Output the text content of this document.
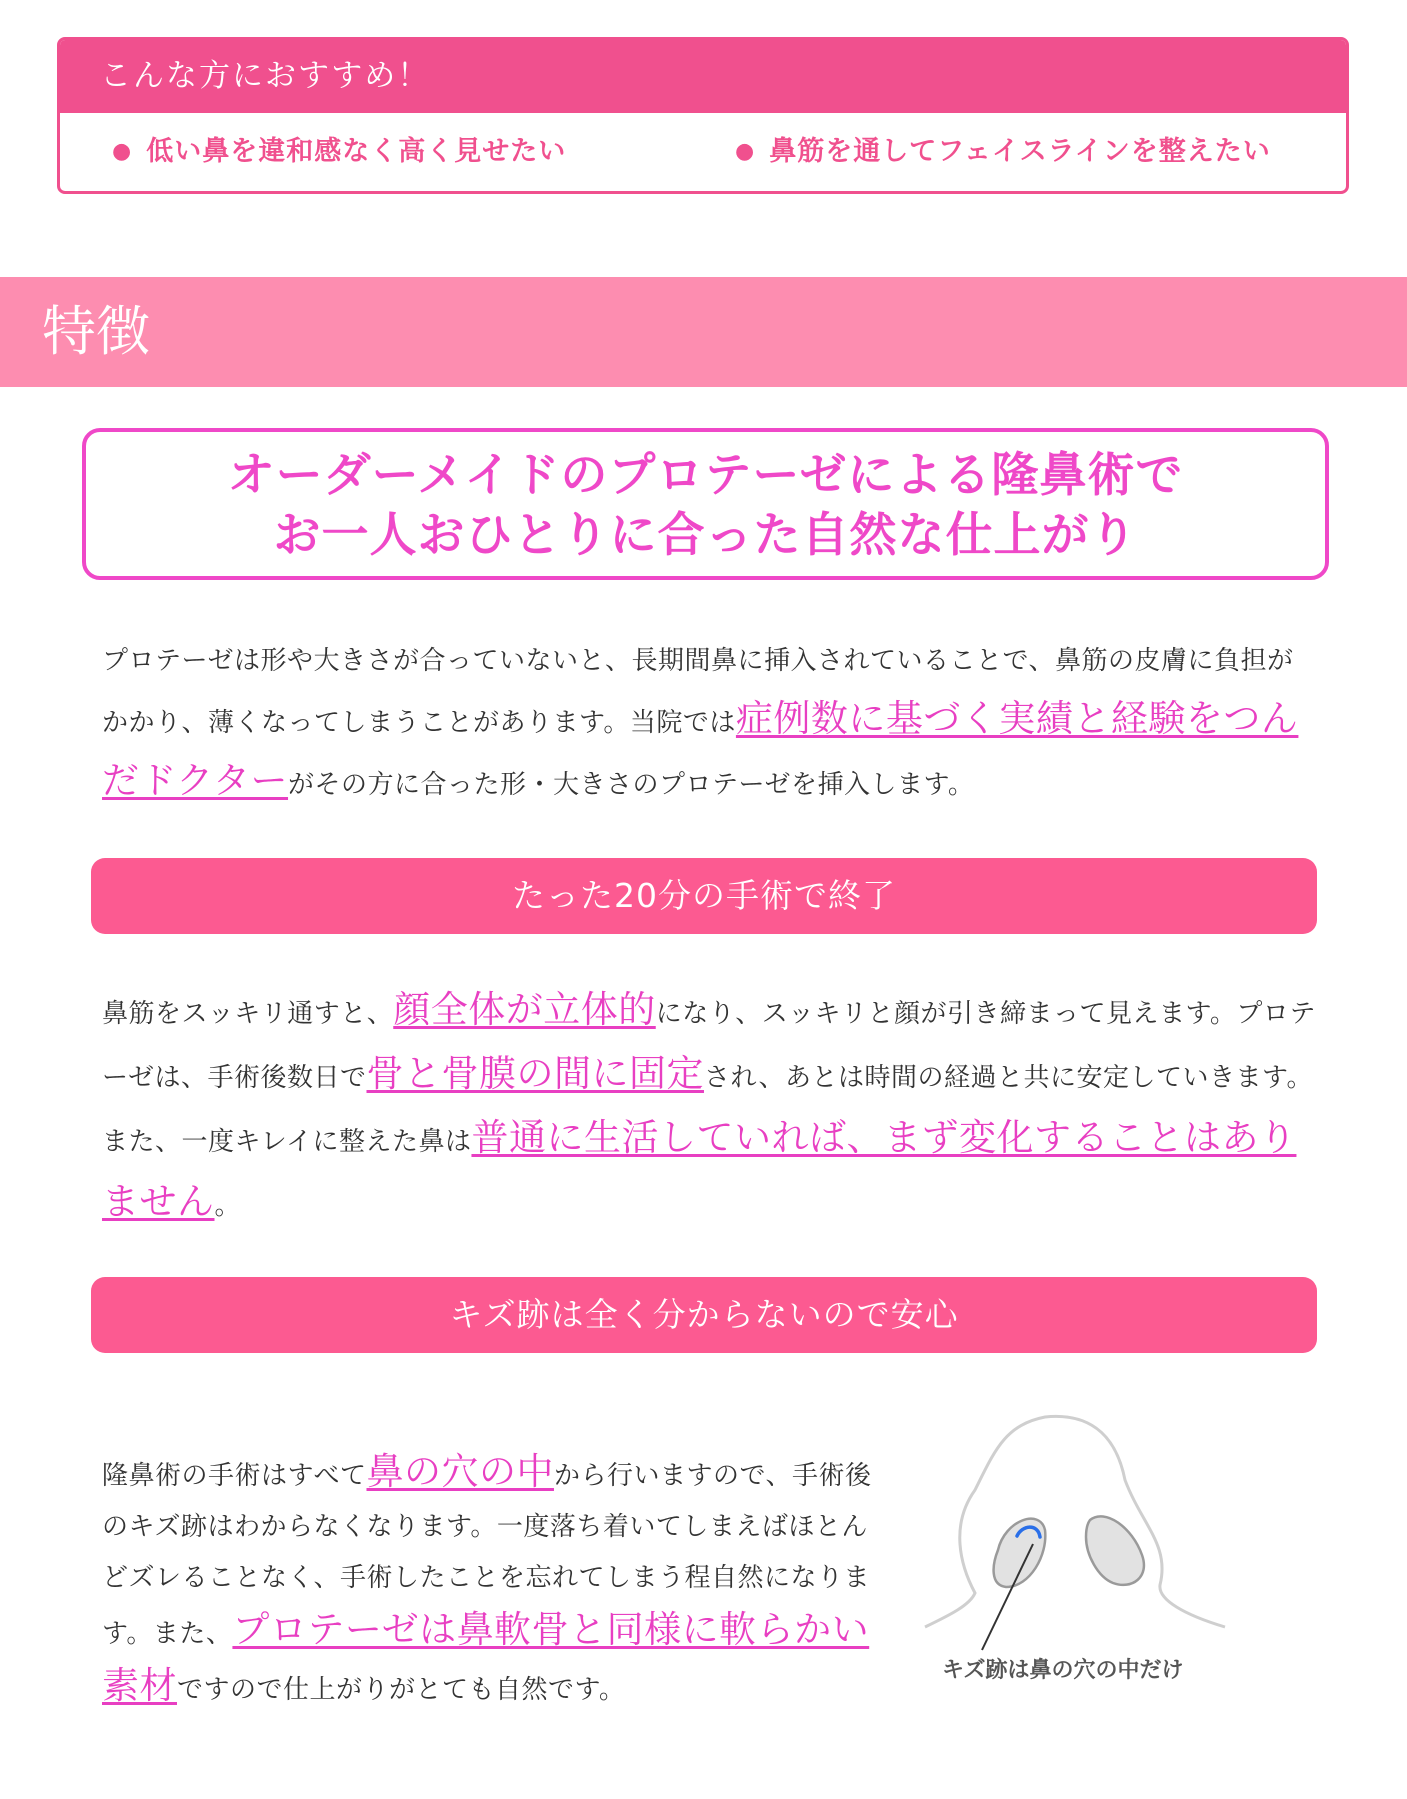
こんな方におすすめ！
● 低い鼻を違和感なく高く見せたい	● 鼻筋を通してフェイスラインを整えたい
特徴
オーダーメイドのプロテーゼによる隆鼻術で
お一人おひとりに合った自然な仕上がり
プロテーゼは形や大きさが合っていないと、長期間鼻に挿入されていることで、鼻筋の皮膚に負担がかかり、薄くなってしまうことがあります。当院では症例数に基づく実績と経験をつんだドクターがその方に合った形・大きさのプロテーゼを挿入します。
たった20分の手術で終了
鼻筋をスッキリ通すと、顔全体が立体的になり、スッキリと顔が引き締まって見えます。プロテーゼは、手術後数日で骨と骨膜の間に固定され、あとは時間の経過と共に安定していきます。また、一度キレイに整えた鼻は普通に生活していれば、まず変化することはありません。
キズ跡は全く分からないので安心
隆鼻術の手術はすべて鼻の穴の中から行いますので、手術後のキズ跡はわからなくなります。一度落ち着いてしまえばほとんどズレることなく、手術したことを忘れてしまう程自然になります。また、プロテーゼは鼻軟骨と同様に軟らかい素材ですので仕上がりがとても自然です。
キズ跡は鼻の穴の中だけ
